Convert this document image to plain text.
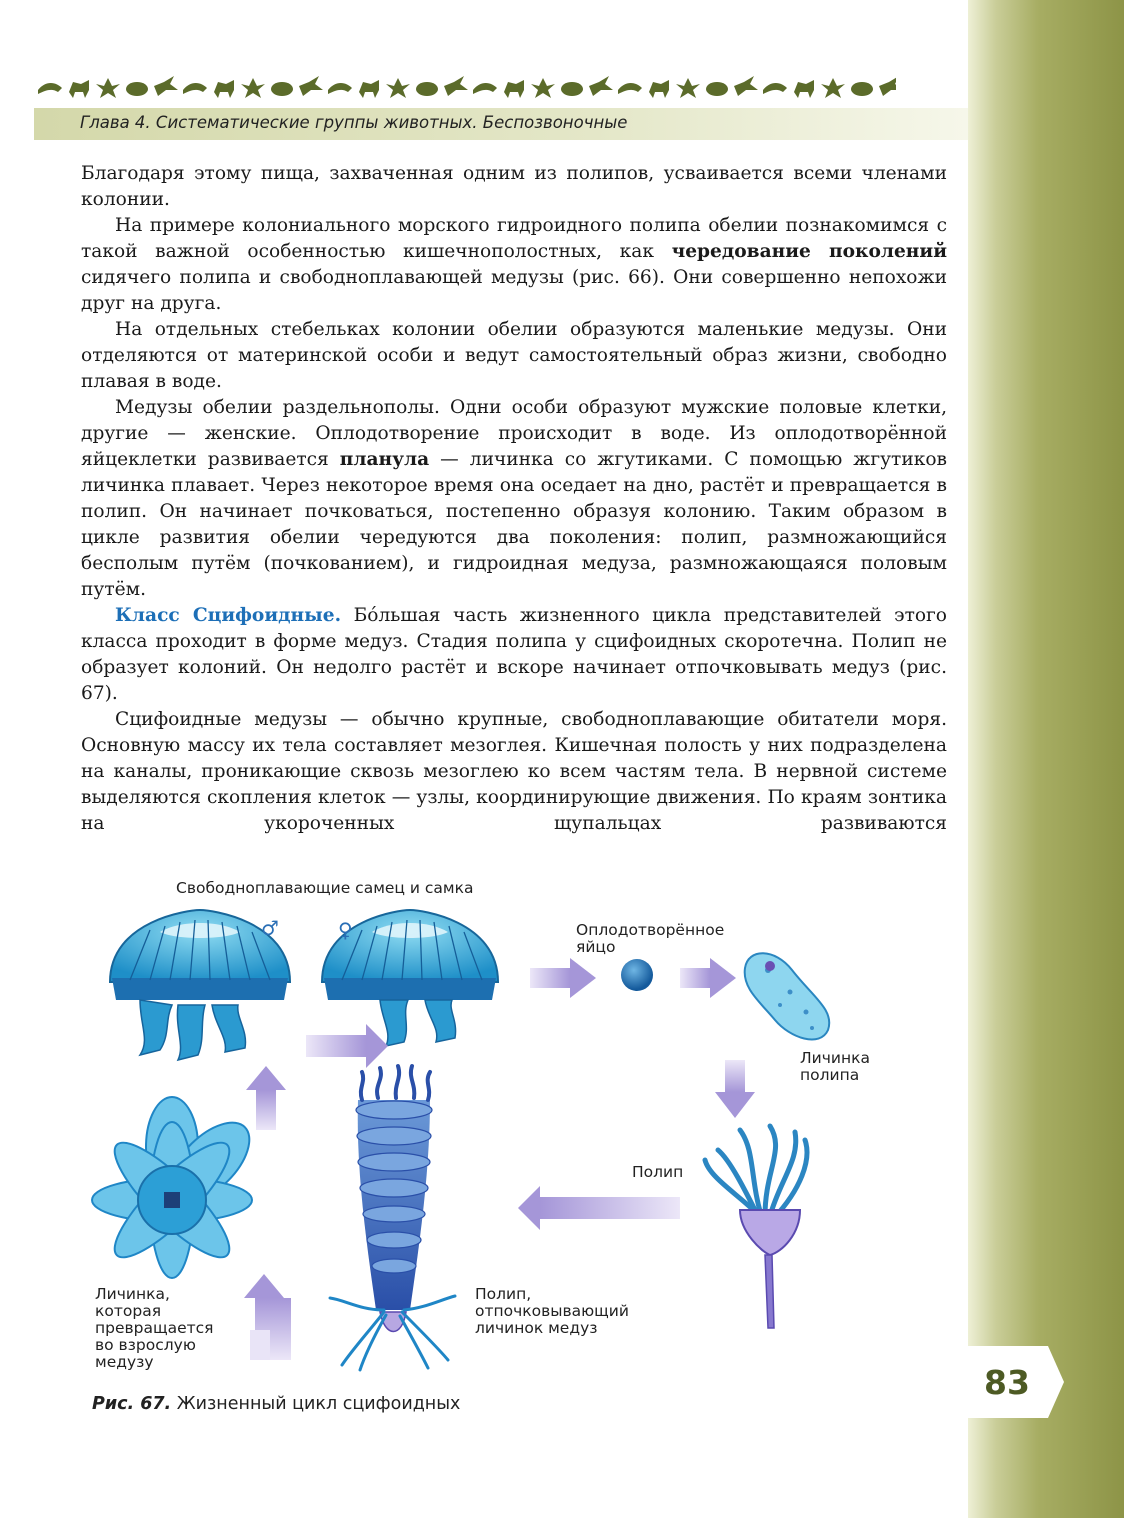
83
Глава 4. Систематические группы животных. Беспозвоночные

Благодаря этому пища, захваченная одним из полипов, усваивается всеми членами колонии.

На примере колониального морского гидроидного полипа обелии познакомимся с такой важной особенностью кишечнополостных, как чередование поколений сидячего полипа и свободноплавающей медузы (рис. 66). Они совершенно непохожи друг на друга.

На отдельных стебельках колонии обелии образуются маленькие медузы. Они отделяются от материнской особи и ведут самостоятельный образ жизни, свободно плавая в воде.

Медузы обелии раздельнополы. Одни особи образуют мужские половые клетки, другие — женские. Оплодотворение происходит в воде. Из оплодотворённой яйцеклетки развивается планула — личинка со жгутиками. С помощью жгутиков личинка плавает. Через некоторое время она оседает на дно, растёт и превращается в полип. Он начинает почковаться, постепенно образуя колонию. Таким образом в цикле развития обелии чередуются два поколения: полип, размножающийся бесполым путём (почкованием), и гидроидная медуза, размножающаяся половым путём.

Класс Сцифоидные. Бóльшая часть жизненного цикла представителей этого класса проходит в форме медуз. Стадия полипа у сцифоидных скоротечна. Полип не образует колоний. Он недолго растёт и вскоре начинает отпочковывать медуз (рис. 67).

Сцифоидные медузы — обычно крупные, свободноплавающие обитатели моря. Основную массу их тела составляет мезоглея. Кишечная полость у них подразделена на каналы, проникающие сквозь мезоглею ко всем частям тела. В нервной системе выделяются скопления клеток — узлы, координирующие движения. По краям зонтика на укороченных щупальцах развиваются

Свободноплавающие самец и самка
♂	♀	Оплодотворённое
яйцо
Личинка
полипа
Полип
Полип,
отпочковывающий
личинок медуз
Личинка,
которая
превращается
во взрослую
медузу
Рис. 67. Жизненный цикл сцифоидных
